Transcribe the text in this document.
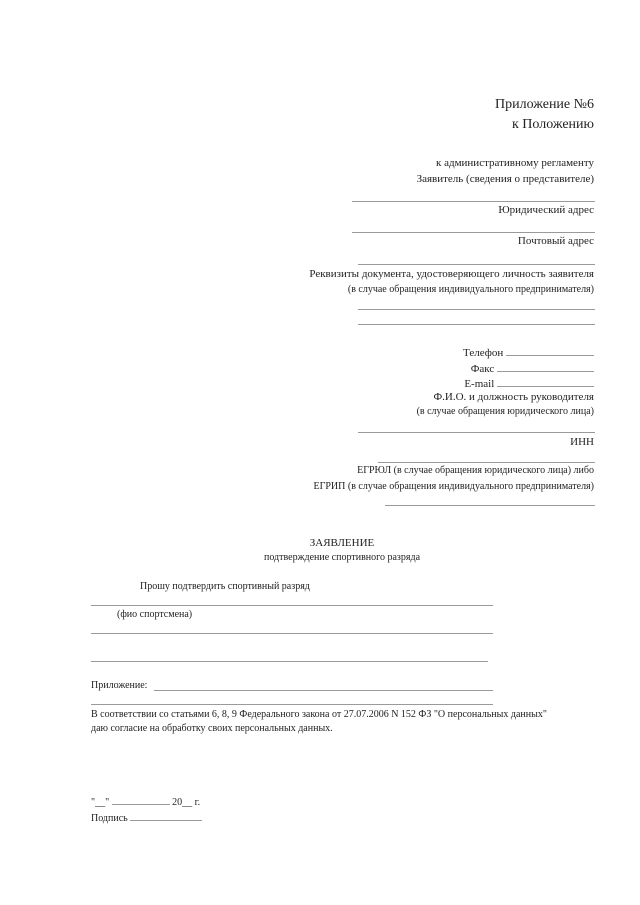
Приложение №6
к Положению
к административному регламенту
Заявитель (сведения о представителе)
Юридический адрес
Почтовый адрес
Реквизиты документа, удостоверяющего личность заявителя
(в случае обращения индивидуального предпринимателя)
Телефон
Факс
E-mail
Ф.И.О. и должность руководителя
(в случае обращения юридического лица)
ИНН
ЕГРЮЛ (в случае обращения юридического лица) либо
ЕГРИП (в случае обращения индивидуального предпринимателя)
ЗАЯВЛЕНИЕ
подтверждение спортивного разряда
Прошу подтвердить спортивный разряд
(фио спортсмена)
Приложение:
В соответствии со статьями 6, 8, 9 Федерального закона от 27.07.2006 N 152 ФЗ "О персональных данных"
даю согласие на обработку своих персональных данных.
"__"	20__ г.
Подпись
